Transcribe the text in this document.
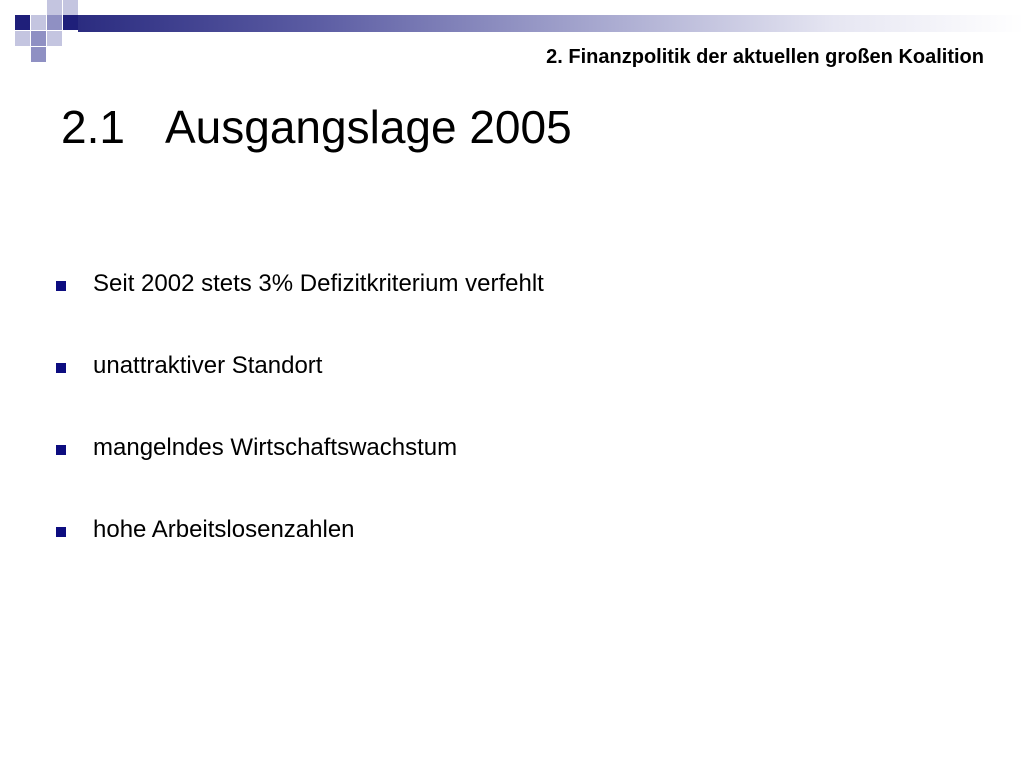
2. Finanzpolitik der aktuellen großen Koalition
2.1 Ausgangslage 2005
Seit 2002 stets 3% Defizitkriterium verfehlt
unattraktiver Standort
mangelndes Wirtschaftswachstum
hohe Arbeitslosenzahlen
